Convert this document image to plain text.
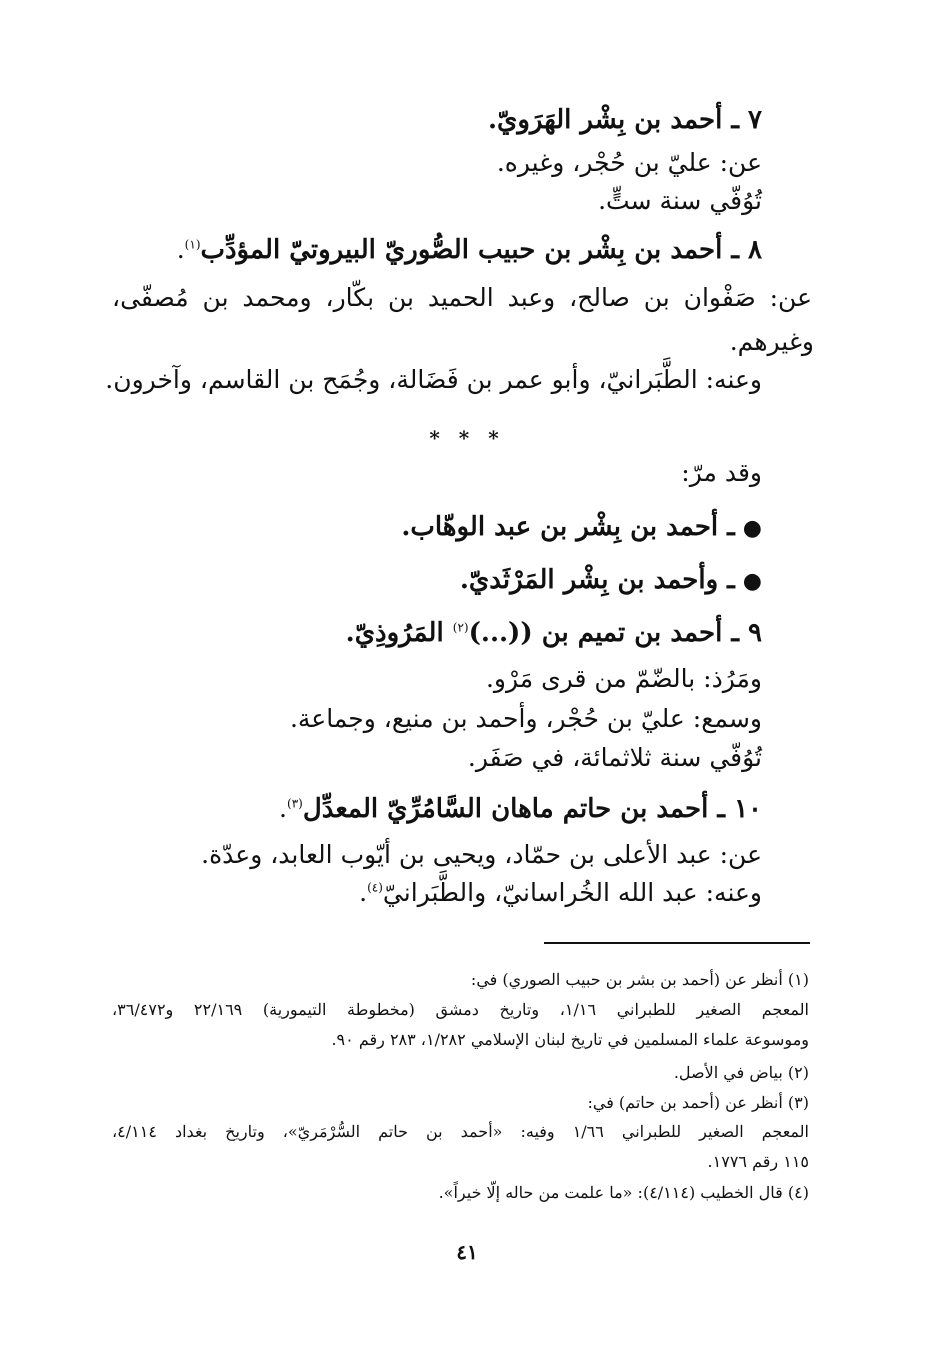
٧ ـ أحمد بن بِشْر الهَرَويّ.
عن: عليّ بن حُجْر، وغيره.
تُوُفّي سنة ستٍّ.
٨ ـ أحمد بن بِشْر بن حبيب الصُّوريّ البيروتيّ المؤدِّب$^{(١)}$.
عن: صَفْوان بن صالح، وعبد الحميد بن بكّار، ومحمد بن مُصفّى،
وغيرهم.
وعنه: الطَّبَرانيّ، وأبو عمر بن فَضَالة، وجُمَح بن القاسم، وآخرون.
* * *
وقد مرّ:
●ـ أحمد بن بِشْر بن عبد الوهّاب.
●ـ وأحمد بن بِشْر المَرْثَديّ.
٩ ـ أحمد بن تميم بن ((...)$^{(٢)}$ المَرُوذِيّ.
ومَرُذ: بالضّمّ من قرى مَرْو.
وسمع: عليّ بن حُجْر، وأحمد بن منيع، وجماعة.
تُوُفّي سنة ثلاثمائة، في صَفَر.
١٠ ـ أحمد بن حاتم ماهان السَّامُرِّيّ المعدِّل$^{(٣)}$.
عن: عبد الأعلى بن حمّاد، ويحيى بن أيّوب العابد، وعدّة.
وعنه: عبد الله الخُراسانيّ، والطَّبَرانيّ$^{(٤)}$.
(١) أنظر عن (أحمد بن بشر بن حبيب الصوري) في:
المعجم الصغير للطبراني ١/١٦، وتاريخ دمشق (مخطوطة التيمورية) ٢٢/١٦٩ و٣٦/٤٧٢،
وموسوعة علماء المسلمين في تاريخ لبنان الإسلامي ١/٢٨٢، ٢٨٣ رقم ٩٠.
(٢) بياض في الأصل.
(٣) أنظر عن (أحمد بن حاتم) في:
المعجم الصغير للطبراني ١/٦٦ وفيه: «أحمد بن حاتم السُّرْمَريّ»، وتاريخ بغداد ٤/١١٤،
١١٥ رقم ١٧٧٦.
(٤) قال الخطيب (٤/١١٤): «ما علمت من حاله إلّا خيراً».
٤١
